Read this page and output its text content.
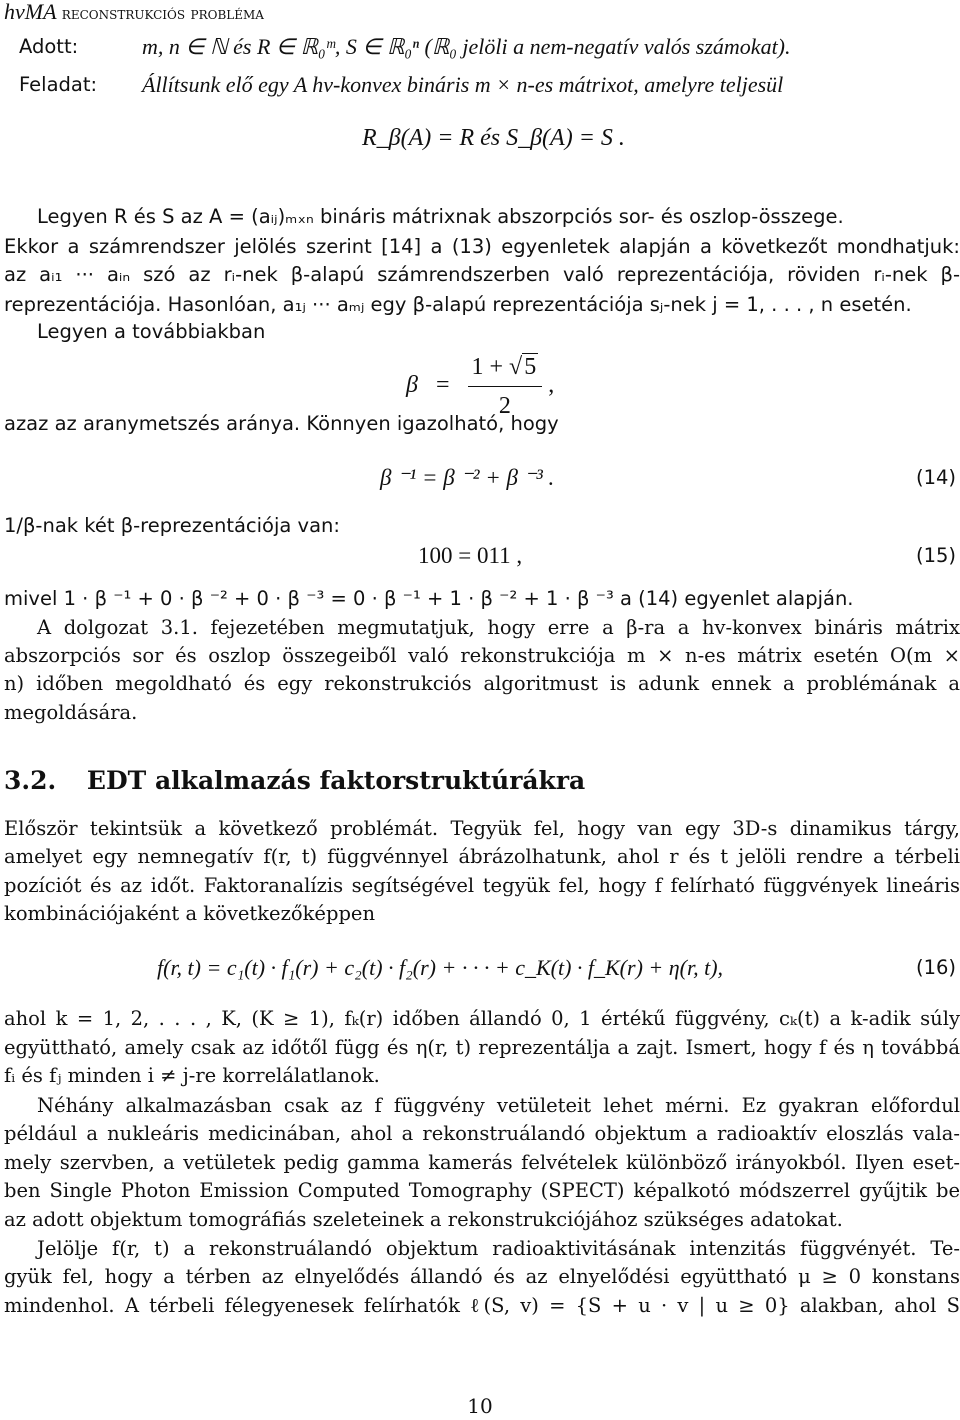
hvMA reconstrukciós probléma
Adott:	m, n ∈ ℕ és R ∈ ℝ₀ᵐ, S ∈ ℝ₀ⁿ (ℝ₀ jelöli a nem-negatív valós számokat).
Feladat: Állítsunk elő egy A hv-konvex bináris m × n-es mátrixot, amelyre teljesül
R_β(A) = R és S_β(A) = S .
Legyen R és S az A = (aᵢⱼ)ₘₓₙ bináris mátrixnak abszorpciós sor- és oszlop-összege.
Ekkor a számrendszer jelölés szerint [14] a (13) egyenletek alapján a következőt mondhatjuk:
az aᵢ₁ ··· aᵢₙ szó az rᵢ-nek β-alapú számrendszerben való reprezentációja, röviden rᵢ-nek β-
reprezentációja. Hasonlóan, a₁ⱼ ··· aₘⱼ egy β-alapú reprezentációja sⱼ-nek j = 1, . . . , n esetén.
Legyen a továbbiakban
$\beta = \frac{1 + √5}{2}$ ,
azaz az aranymetszés aránya. Könnyen igazolható, hogy
β ⁻¹ = β ⁻² + β ⁻³ .	(14)
1/β-nak két β-reprezentációja van:
100 = 011 ,	(15)
mivel 1 · β ⁻¹ + 0 · β ⁻² + 0 · β ⁻³ = 0 · β ⁻¹ + 1 · β ⁻² + 1 · β ⁻³ a (14) egyenlet alapján.
A dolgozat 3.1. fejezetében megmutatjuk, hogy erre a β-ra a hv-konvex bináris mátrix
abszorpciós sor és oszlop összegeiből való rekonstrukciója m × n-es mátrix esetén O(m ×
n) időben megoldható és egy rekonstrukciós algoritmust is adunk ennek a problémának a
megoldására.
3.2. EDT alkalmazás faktorstruktúrákra
Először tekintsük a következő problémát. Tegyük fel, hogy van egy 3D-s dinamikus tárgy,
amelyet egy nemnegatív f(r, t) függvénnyel ábrázolhatunk, ahol r és t jelöli rendre a térbeli
pozíciót és az időt. Faktoranalízis segítségével tegyük fel, hogy f felírható függvények lineáris
kombinációjaként a következőképpen
f(r, t) = c₁(t) · f₁(r) + c₂(t) · f₂(r) + · · · + c_K(t) · f_K(r) + η(r, t),	(16)
ahol k = 1, 2, . . . , K, (K ≥ 1), fₖ(r) időben állandó 0, 1 értékű függvény, cₖ(t) a k-adik súly
együttható, amely csak az időtől függ és η(r, t) reprezentálja a zajt. Ismert, hogy f és η továbbá
fᵢ és fⱼ minden i ≠ j-re korrelálatlanok.
Néhány alkalmazásban csak az f függvény vetületeit lehet mérni. Ez gyakran előfordul
például a nukleáris medicinában, ahol a rekonstruálandó objektum a radioaktív eloszlás vala-
mely szervben, a vetületek pedig gamma kamerás felvételek különböző irányokból. Ilyen eset-
ben Single Photon Emission Computed Tomography (SPECT) képalkotó módszerrel gyűjtik be
az adott objektum tomográfiás szeleteinek a rekonstrukciójához szükséges adatokat.
Jelölje f(r, t) a rekonstruálandó objektum radioaktivitásának intenzitás függvényét. Te-
gyük fel, hogy a térben az elnyelődés állandó és az elnyelődési együttható μ ≥ 0 konstans
mindenhol. A térbeli félegyenesek felírhatók ℓ(S, v) = {S + u · v | u ≥ 0} alakban, ahol S
10
